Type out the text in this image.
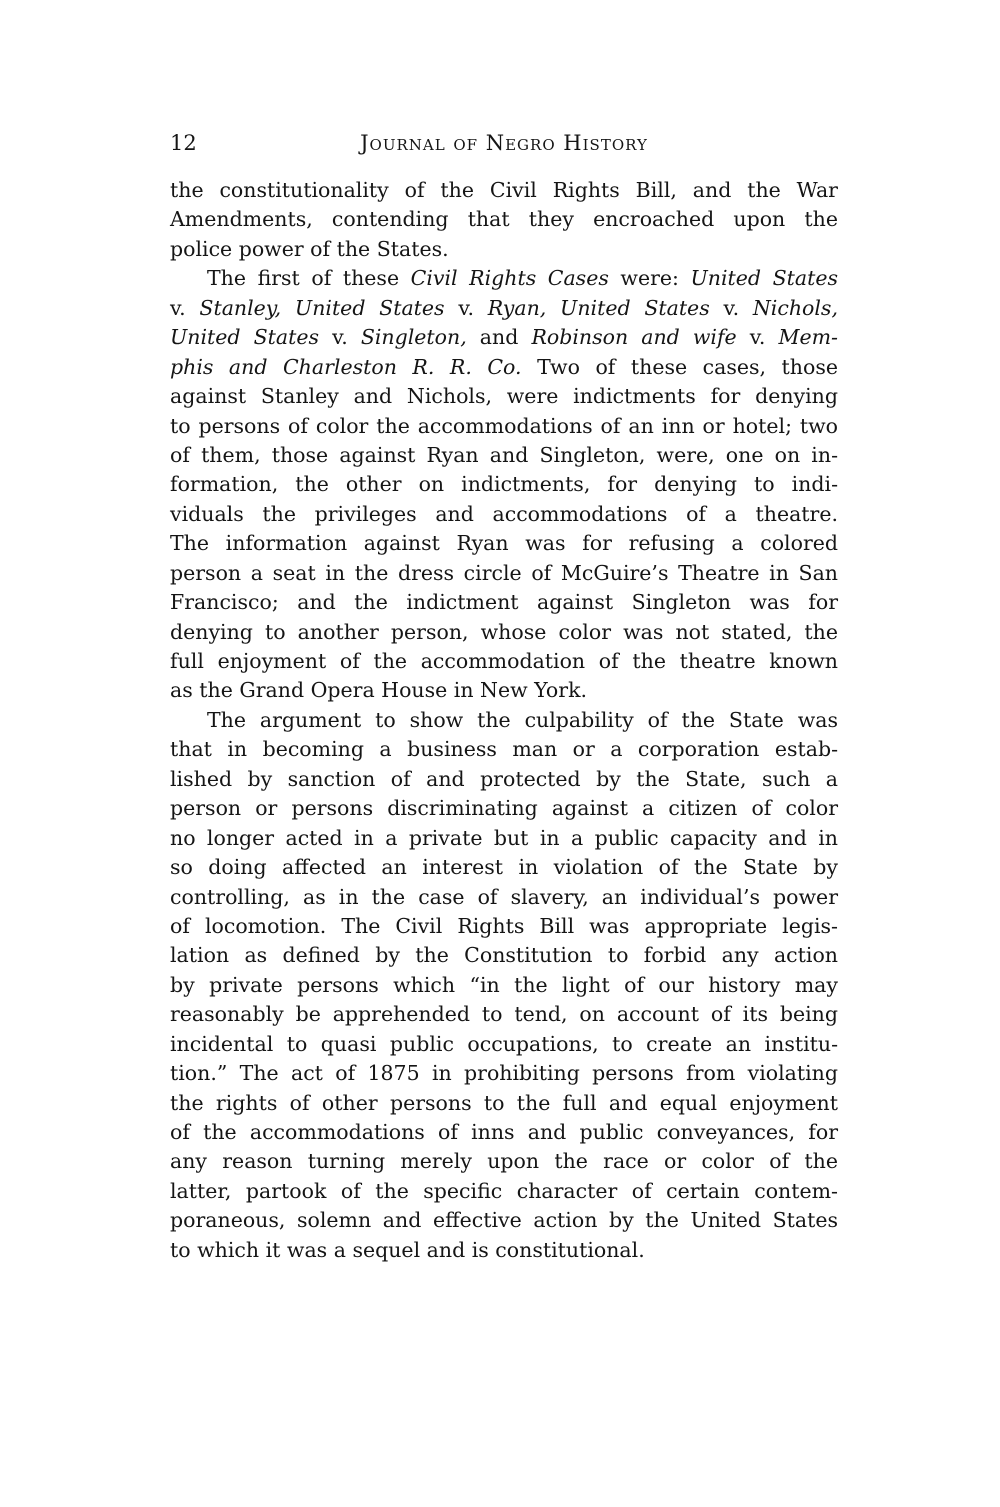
12	Journal of Negro History
the constitutionality of the Civil Rights Bill, and the War
Amendments, contending that they encroached upon the
police power of the States.
The first of these Civil Rights Cases were: United States
v. Stanley, United States v. Ryan, United States v. Nichols,
United States v. Singleton, and Robinson and wife v. Mem-
phis and Charleston R. R. Co. Two of these cases, those
against Stanley and Nichols, were indictments for denying
to persons of color the accommodations of an inn or hotel; two
of them, those against Ryan and Singleton, were, one on in-
formation, the other on indictments, for denying to indi-
viduals the privileges and accommodations of a theatre.
The information against Ryan was for refusing a colored
person a seat in the dress circle of McGuire’s Theatre in San
Francisco; and the indictment against Singleton was for
denying to another person, whose color was not stated, the
full enjoyment of the accommodation of the theatre known
as the Grand Opera House in New York.
The argument to show the culpability of the State was
that in becoming a business man or a corporation estab-
lished by sanction of and protected by the State, such a
person or persons discriminating against a citizen of color
no longer acted in a private but in a public capacity and in
so doing affected an interest in violation of the State by
controlling, as in the case of slavery, an individual’s power
of locomotion. The Civil Rights Bill was appropriate legis-
lation as defined by the Constitution to forbid any action
by private persons which “in the light of our history may
reasonably be apprehended to tend, on account of its being
incidental to quasi public occupations, to create an institu-
tion.” The act of 1875 in prohibiting persons from violating
the rights of other persons to the full and equal enjoyment
of the accommodations of inns and public conveyances, for
any reason turning merely upon the race or color of the
latter, partook of the specific character of certain contem-
poraneous, solemn and effective action by the United States
to which it was a sequel and is constitutional.
